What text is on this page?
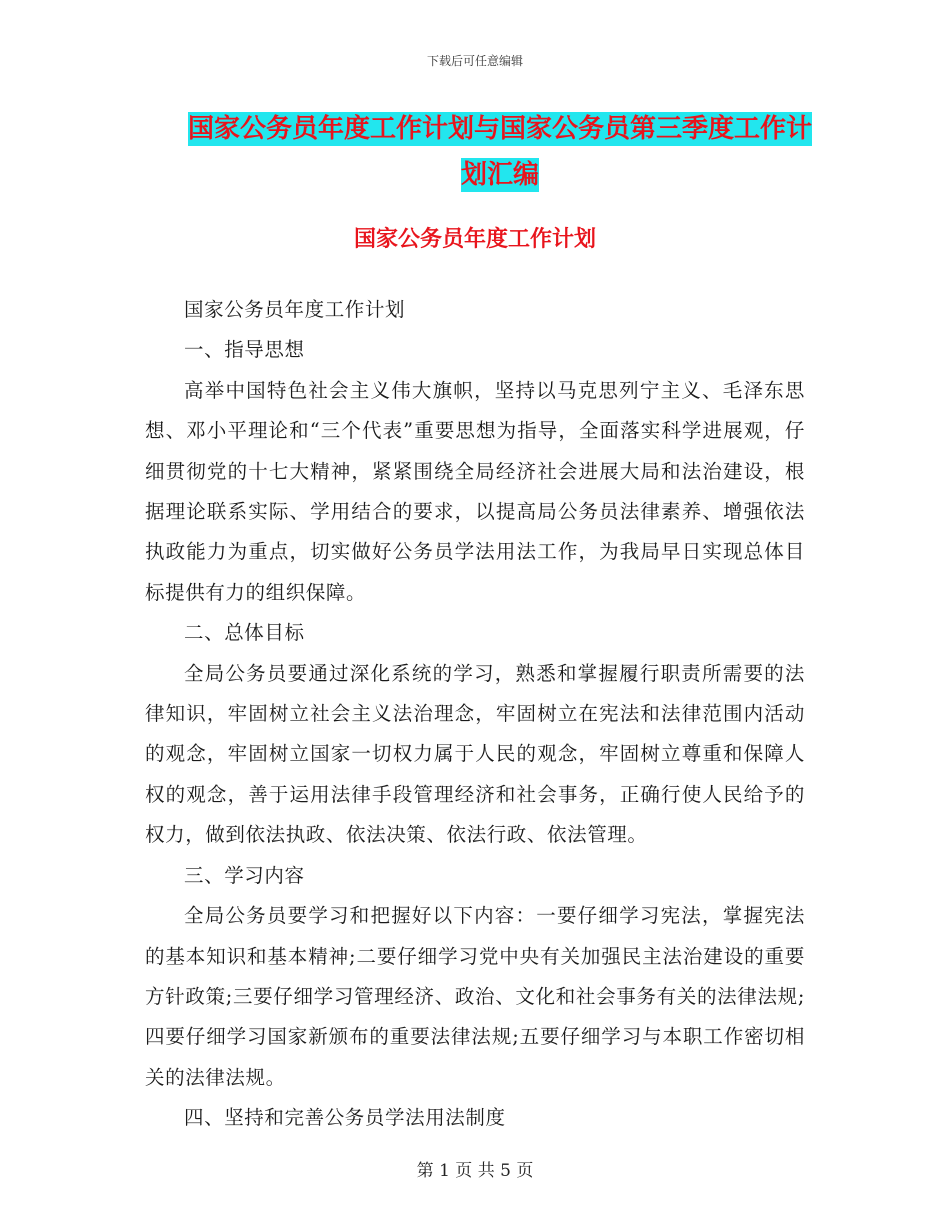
下载后可任意编辑
国家公务员年度工作计划与国家公务员第三季度工作计划汇编
国家公务员年度工作计划

国家公务员年度工作计划

一、指导思想

高举中国特色社会主义伟大旗帜，坚持以马克思列宁主义、毛泽东思想、邓小平理论和“三个代表”重要思想为指导，全面落实科学进展观，仔细贯彻党的十七大精神，紧紧围绕全局经济社会进展大局和法治建设，根据理论联系实际、学用结合的要求，以提高局公务员法律素养、增强依法执政能力为重点，切实做好公务员学法用法工作，为我局早日实现总体目标提供有力的组织保障。

二、总体目标

全局公务员要通过深化系统的学习，熟悉和掌握履行职责所需要的法律知识，牢固树立社会主义法治理念，牢固树立在宪法和法律范围内活动的观念，牢固树立国家一切权力属于人民的观念，牢固树立尊重和保障人权的观念，善于运用法律手段管理经济和社会事务，正确行使人民给予的权力，做到依法执政、依法决策、依法行政、依法管理。

三、学习内容

全局公务员要学习和把握好以下内容：一要仔细学习宪法，掌握宪法的基本知识和基本精神;二要仔细学习党中央有关加强民主法治建设的重要方针政策;三要仔细学习管理经济、政治、文化和社会事务有关的法律法规;四要仔细学习国家新颁布的重要法律法规;五要仔细学习与本职工作密切相关的法律法规。

四、坚持和完善公务员学法用法制度

第 1 页 共 5 页
